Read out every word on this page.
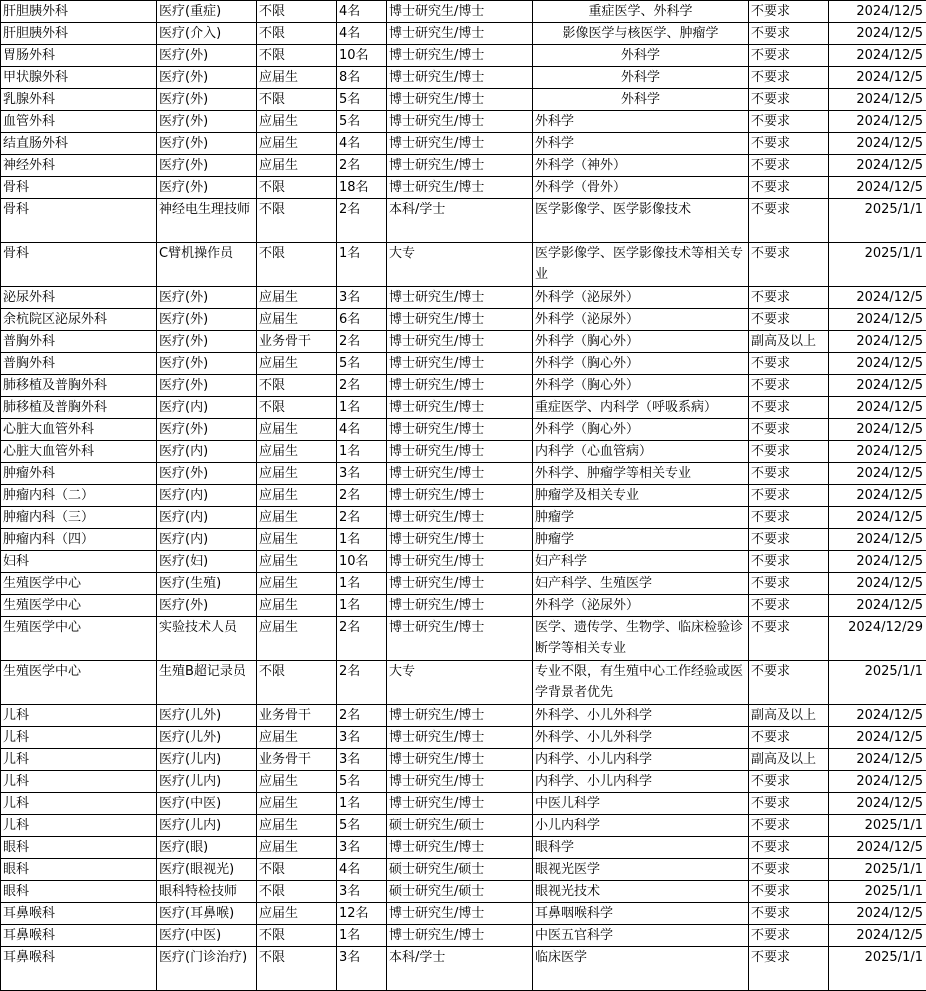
肝胆胰外科	医疗(重症)	不限	4名	博士研究生/博士	重症医学、外科学	不要求	2024/12/5
肝胆胰外科	医疗(介入)	不限	4名	博士研究生/博士	影像医学与核医学、肿瘤学	不要求	2024/12/5
胃肠外科	医疗(外)	不限	10名	博士研究生/博士	外科学	不要求	2024/12/5
甲状腺外科	医疗(外)	应届生	8名	博士研究生/博士	外科学	不要求	2024/12/5
乳腺外科	医疗(外)	不限	5名	博士研究生/博士	外科学	不要求	2024/12/5
血管外科	医疗(外)	应届生	5名	博士研究生/博士	外科学	不要求	2024/12/5
结直肠外科	医疗(外)	应届生	4名	博士研究生/博士	外科学	不要求	2024/12/5
神经外科	医疗(外)	应届生	2名	博士研究生/博士	外科学（神外）	不要求	2024/12/5
骨科	医疗(外)	不限	18名	博士研究生/博士	外科学（骨外）	不要求	2024/12/5
骨科	神经电生理技师	不限	2名	本科/学士	医学影像学、医学影像技术	不要求	2025/1/1
骨科	C臂机操作员	不限	1名	大专	医学影像学、医学影像技术等相关专业	不要求	2025/1/1
泌尿外科	医疗(外)	应届生	3名	博士研究生/博士	外科学（泌尿外）	不要求	2024/12/5
余杭院区泌尿外科	医疗(外)	应届生	6名	博士研究生/博士	外科学（泌尿外）	不要求	2024/12/5
普胸外科	医疗(外)	业务骨干	2名	博士研究生/博士	外科学（胸心外）	副高及以上	2024/12/5
普胸外科	医疗(外)	应届生	5名	博士研究生/博士	外科学（胸心外）	不要求	2024/12/5
肺移植及普胸外科	医疗(外)	不限	2名	博士研究生/博士	外科学（胸心外）	不要求	2024/12/5
肺移植及普胸外科	医疗(内)	不限	1名	博士研究生/博士	重症医学、内科学（呼吸系病）	不要求	2024/12/5
心脏大血管外科	医疗(外)	应届生	4名	博士研究生/博士	外科学（胸心外）	不要求	2024/12/5
心脏大血管外科	医疗(内)	应届生	1名	博士研究生/博士	内科学（心血管病）	不要求	2024/12/5
肿瘤外科	医疗(外)	应届生	3名	博士研究生/博士	外科学、肿瘤学等相关专业	不要求	2024/12/5
肿瘤内科（二）	医疗(内)	应届生	2名	博士研究生/博士	肿瘤学及相关专业	不要求	2024/12/5
肿瘤内科（三）	医疗(内)	应届生	2名	博士研究生/博士	肿瘤学	不要求	2024/12/5
肿瘤内科（四）	医疗(内)	应届生	1名	博士研究生/博士	肿瘤学	不要求	2024/12/5
妇科	医疗(妇)	应届生	10名	博士研究生/博士	妇产科学	不要求	2024/12/5
生殖医学中心	医疗(生殖)	应届生	1名	博士研究生/博士	妇产科学、生殖医学	不要求	2024/12/5
生殖医学中心	医疗(外)	应届生	1名	博士研究生/博士	外科学（泌尿外）	不要求	2024/12/5
生殖医学中心	实验技术人员	应届生	2名	博士研究生/博士	医学、遗传学、生物学、临床检验诊断学等相关专业	不要求	2024/12/29
生殖医学中心	生殖B超记录员	不限	2名	大专	专业不限，有生殖中心工作经验或医学背景者优先	不要求	2025/1/1
儿科	医疗(儿外)	业务骨干	2名	博士研究生/博士	外科学、小儿外科学	副高及以上	2024/12/5
儿科	医疗(儿外)	应届生	3名	博士研究生/博士	外科学、小儿外科学	不要求	2024/12/5
儿科	医疗(儿内)	业务骨干	3名	博士研究生/博士	内科学、小儿内科学	副高及以上	2024/12/5
儿科	医疗(儿内)	应届生	5名	博士研究生/博士	内科学、小儿内科学	不要求	2024/12/5
儿科	医疗(中医)	应届生	1名	博士研究生/博士	中医儿科学	不要求	2024/12/5
儿科	医疗(儿内)	应届生	5名	硕士研究生/硕士	小儿内科学	不要求	2025/1/1
眼科	医疗(眼)	应届生	3名	博士研究生/博士	眼科学	不要求	2024/12/5
眼科	医疗(眼视光)	不限	4名	硕士研究生/硕士	眼视光医学	不要求	2025/1/1
眼科	眼科特检技师	不限	3名	硕士研究生/硕士	眼视光技术	不要求	2025/1/1
耳鼻喉科	医疗(耳鼻喉)	应届生	12名	博士研究生/博士	耳鼻咽喉科学	不要求	2024/12/5
耳鼻喉科	医疗(中医)	不限	1名	博士研究生/博士	中医五官科学	不要求	2024/12/5
耳鼻喉科	医疗(门诊治疗)	不限	3名	本科/学士	临床医学	不要求	2025/1/1
